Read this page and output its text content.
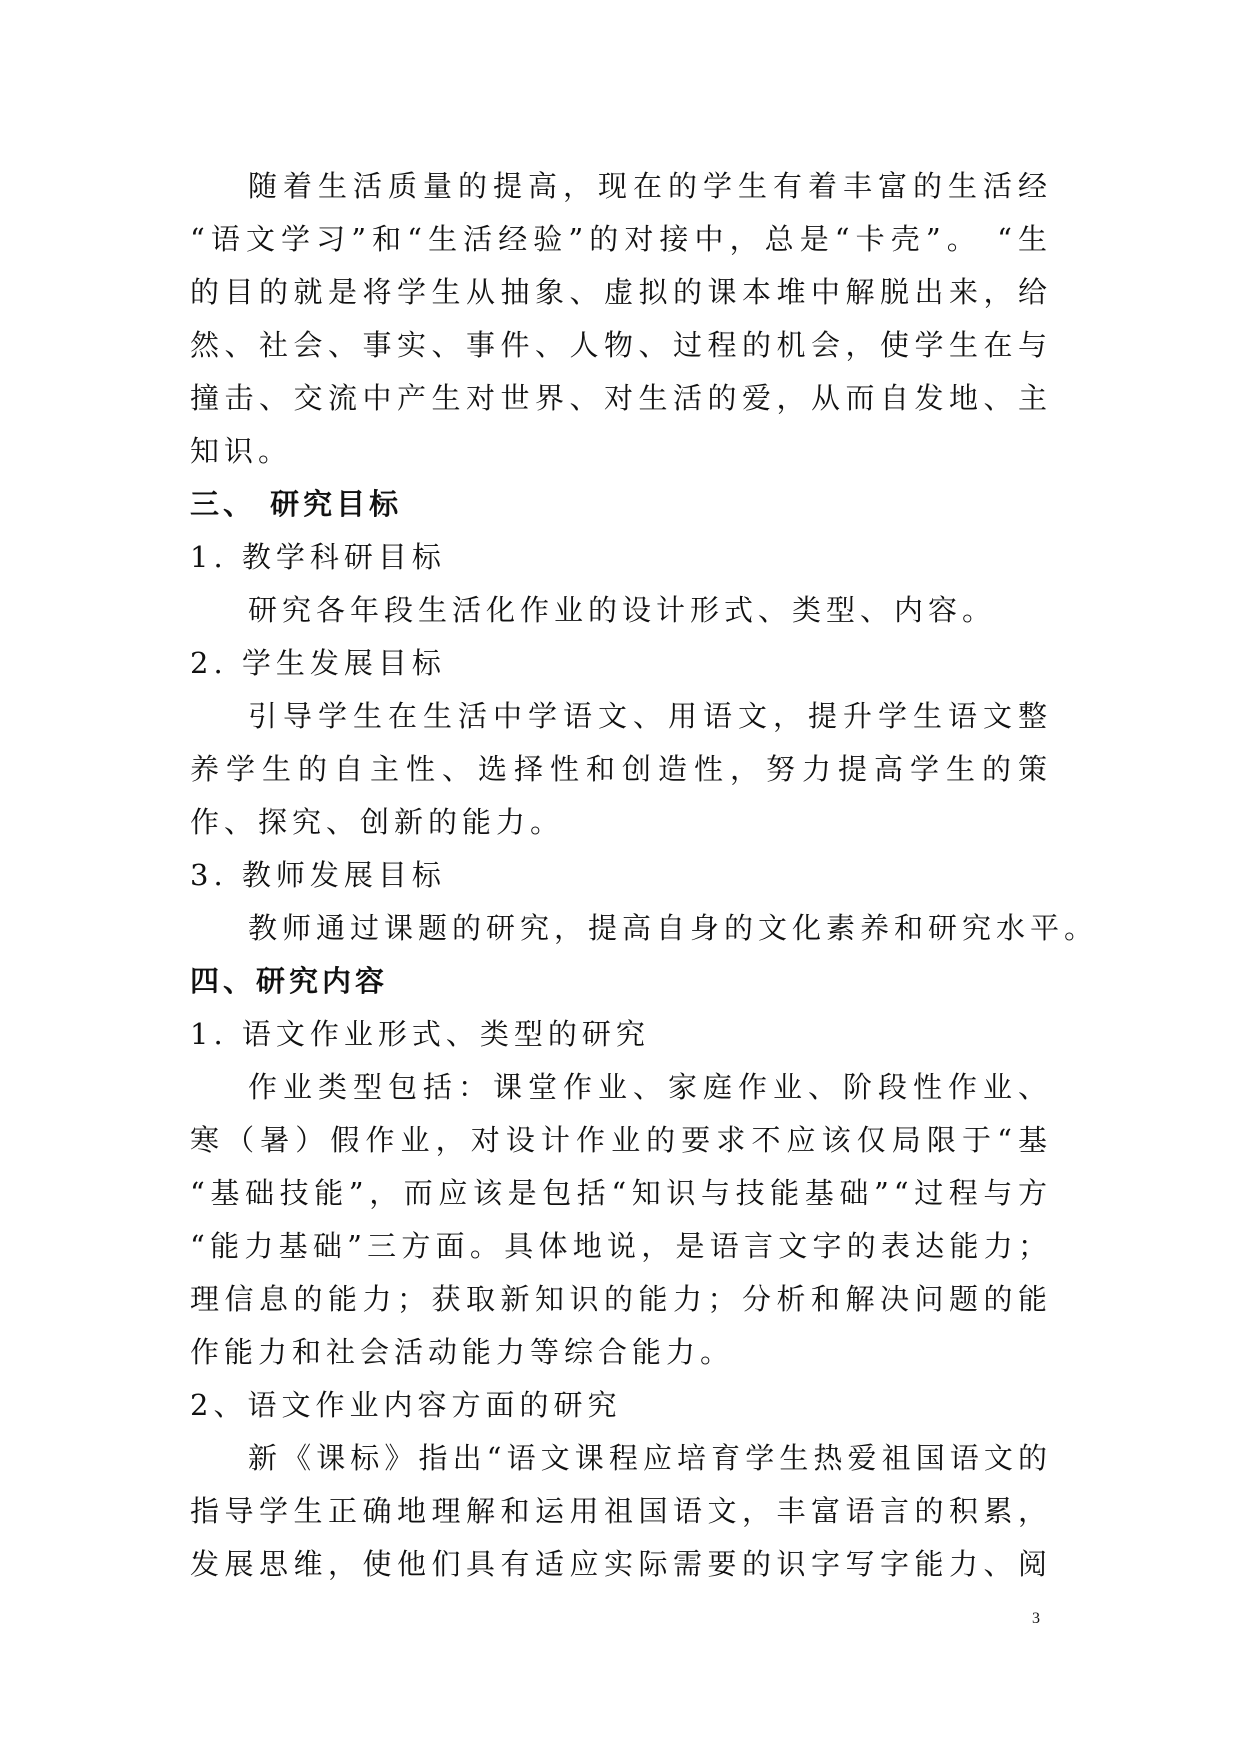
随着生活质量的提高，现在的学生有着丰富的生活经
“语文学习”和“生活经验”的对接中，总是“卡壳”。 “生
的目的就是将学生从抽象、虚拟的课本堆中解脱出来，给
然、社会、事实、事件、人物、过程的机会，使学生在与
撞击、交流中产生对世界、对生活的爱，从而自发地、主
知识。
三、 研究目标
1. 教学科研目标
研究各年段生活化作业的设计形式、类型、内容。
2. 学生发展目标
引导学生在生活中学语文、用语文，提升学生语文整
养学生的自主性、选择性和创造性，努力提高学生的策
作、探究、创新的能力。
3. 教师发展目标
教师通过课题的研究，提高自身的文化素养和研究水平。
四、研究内容
1. 语文作业形式、类型的研究
作业类型包括：课堂作业、家庭作业、阶段性作业、
寒（暑）假作业，对设计作业的要求不应该仅局限于“基
“基础技能”，而应该是包括“知识与技能基础”“过程与方
“能力基础”三方面。具体地说，是语言文字的表达能力；
理信息的能力；获取新知识的能力；分析和解决问题的能
作能力和社会活动能力等综合能力。
2、语文作业内容方面的研究
新《课标》指出“语文课程应培育学生热爱祖国语文的
指导学生正确地理解和运用祖国语文，丰富语言的积累，
发展思维，使他们具有适应实际需要的识字写字能力、阅
3
